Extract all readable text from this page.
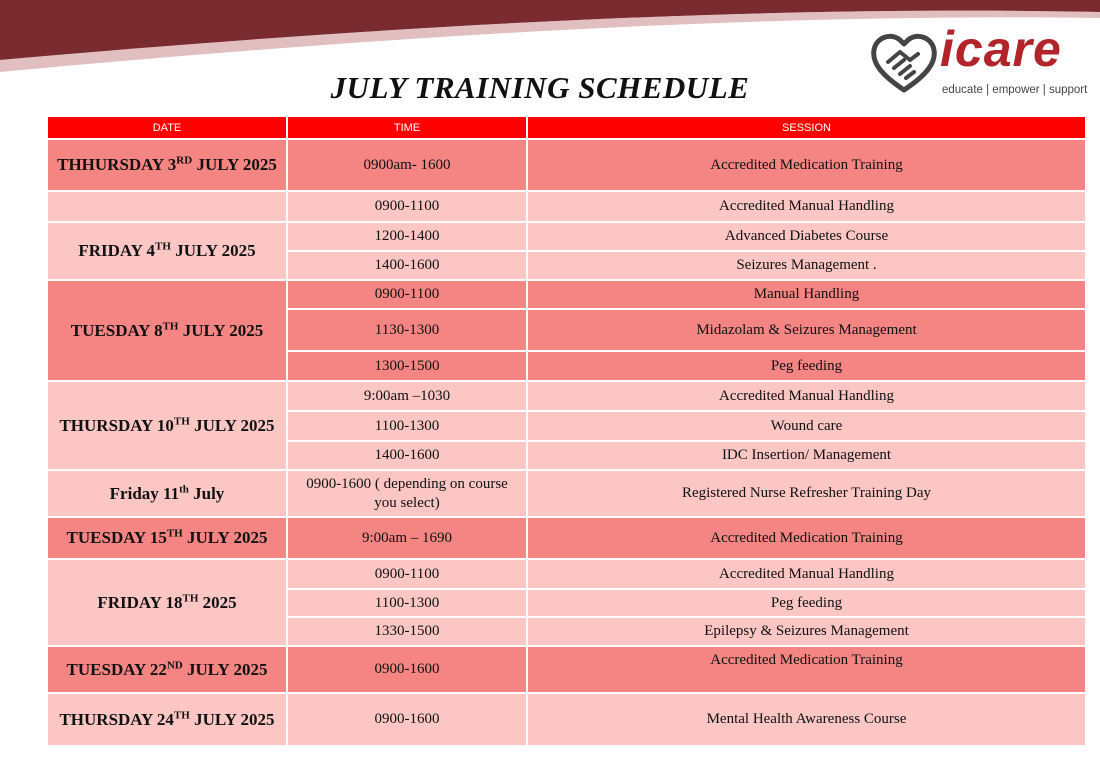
icare
educate | empower | support
JULY TRAINING SCHEDULE
DATE	TIME	SESSION
THHURSDAY 3RD JULY 2025	0900am- 1600	Accredited Medication Training
	0900-1100	Accredited Manual Handling
FRIDAY 4TH JULY 2025	1200-1400	Advanced Diabetes Course
	1400-1600	Seizures Management .
TUESDAY 8TH JULY 2025	0900-1100	Manual Handling
	1130-1300	Midazolam & Seizures Management
	1300-1500	Peg feeding
THURSDAY 10TH JULY 2025	9:00am –1030	Accredited Manual Handling
	1100-1300	Wound care
	1400-1600	IDC Insertion/ Management
Friday 11th July	0900-1600 ( depending on course you select)	Registered Nurse Refresher Training Day
TUESDAY 15TH JULY 2025	9:00am – 1690	Accredited Medication Training
FRIDAY 18TH 2025	0900-1100	Accredited Manual Handling
	1100-1300	Peg feeding
	1330-1500	Epilepsy & Seizures Management
TUESDAY 22ND JULY 2025	0900-1600	Accredited Medication Training
THURSDAY 24TH JULY 2025	0900-1600	Mental Health Awareness Course
